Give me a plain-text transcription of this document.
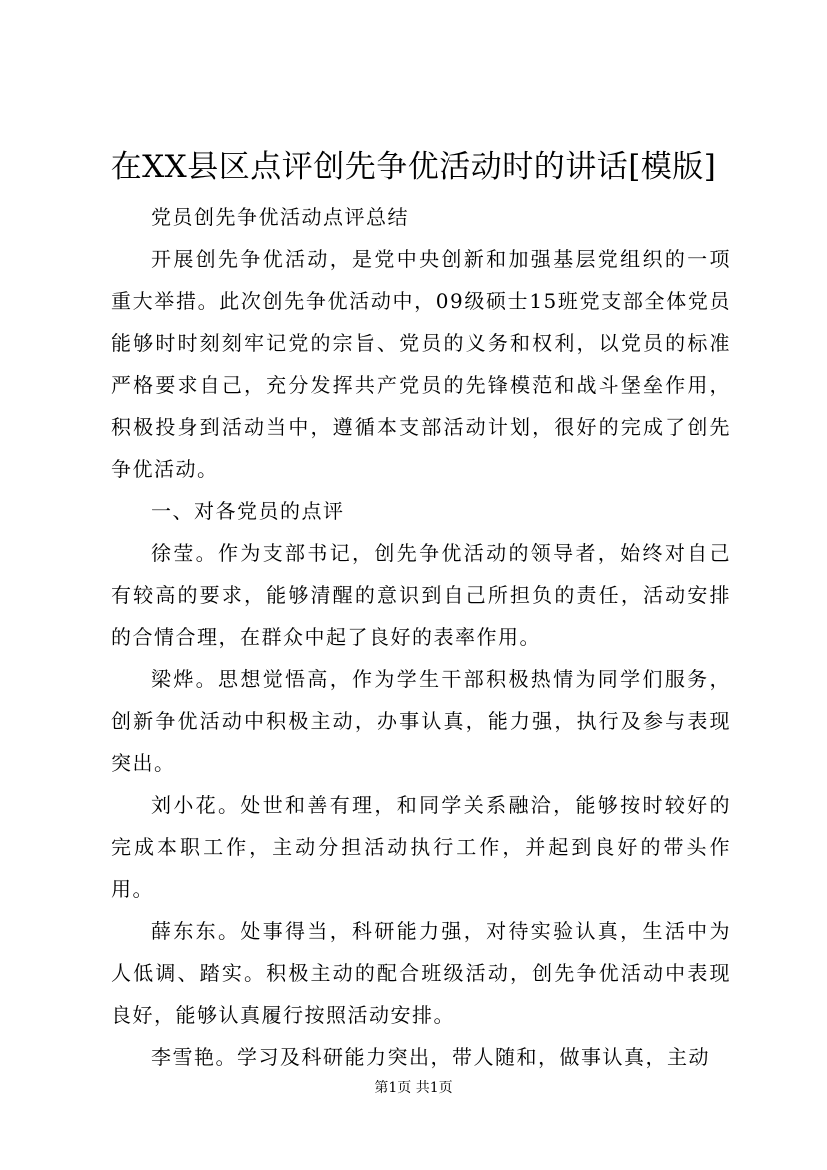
在XX县区点评创先争优活动时的讲话[模版]

党员创先争优活动点评总结

开展创先争优活动，是党中央创新和加强基层党组织的一项重大举措。此次创先争优活动中，09级硕士15班党支部全体党员能够时时刻刻牢记党的宗旨、党员的义务和权利，以党员的标准严格要求自己，充分发挥共产党员的先锋模范和战斗堡垒作用，积极投身到活动当中，遵循本支部活动计划，很好的完成了创先争优活动。

一、对各党员的点评

徐莹。作为支部书记，创先争优活动的领导者，始终对自己有较高的要求，能够清醒的意识到自己所担负的责任，活动安排的合情合理，在群众中起了良好的表率作用。

梁烨。思想觉悟高，作为学生干部积极热情为同学们服务，创新争优活动中积极主动，办事认真，能力强，执行及参与表现突出。

刘小花。处世和善有理，和同学关系融洽，能够按时较好的完成本职工作，主动分担活动执行工作，并起到良好的带头作用。

薛东东。处事得当，科研能力强，对待实验认真，生活中为人低调、踏实。积极主动的配合班级活动，创先争优活动中表现良好，能够认真履行按照活动安排。

李雪艳。学习及科研能力突出，带人随和，做事认真，主动

第1页 共1页
